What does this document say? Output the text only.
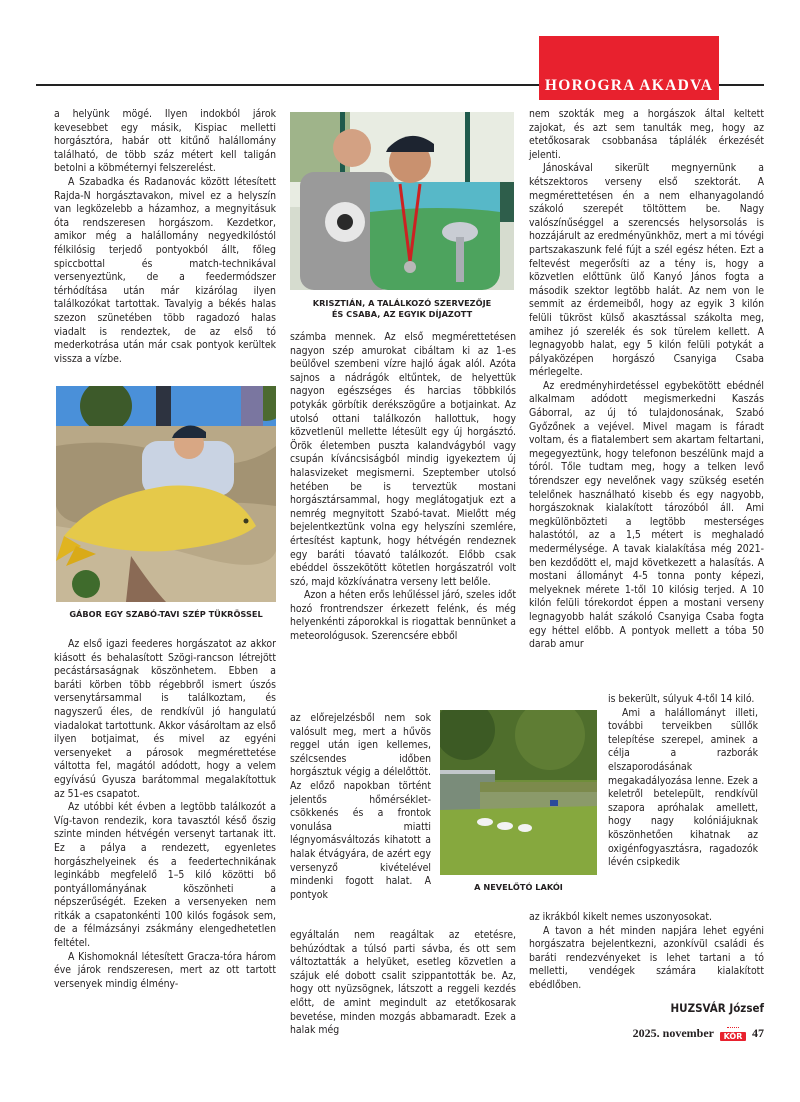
HOROGRA AKADVA

a helyünk mögé. Ilyen indokból járok kevesebbet egy másik, Kispiac melletti horgásztóra, habár ott kitűnő halállomány található, de több száz métert kell taligán betolni a köbméternyi felszerelést.

A Szabadka és Radanovác között létesített Rajda-N horgásztavakon, mivel ez a helyszín van legközelebb a házamhoz, a megnyitásuk óta rendszeresen horgászom. Kezdetkor, amikor még a halállomány negyedkilóstól félkilósig terjedő pontyokból állt, főleg spiccbottal és match-technikával versenyeztünk, de a feedermódszer térhódítása után már kizárólag ilyen találkozókat tartottak. Tavalyig a békés halas szezon szünetében több ragadozó halas viadalt is rendeztek, de az első tó mederkotrása után már csak pontyok kerültek vissza a vízbe.

GÁBOR EGY SZABÓ-TAVI SZÉP TÜKRÖSSEL

Az első igazi feederes horgászatot az akkor kiásott és behalasított Szögi-rancson létrejött pecástársaságnak köszönhetem. Ebben a baráti körben több régebbről ismert úszós versenytársammal is találkoztam, és nagyszerű éles, de rendkívül jó hangulatú viadalokat tartottunk. Akkor vásároltam az első ilyen botjaimat, és mivel az egyéni versenyeket a párosok megmérettetése váltotta fel, magától adódott, hogy a velem egyívású Gyusza barátommal megalakítottuk az 51-es csapatot.

Az utóbbi két évben a legtöbb találkozót a Víg-tavon rendezik, kora tavasztól késő őszig szinte minden hétvégén versenyt tartanak itt. Ez a pálya a rendezett, egyenletes horgászhelyeinek és a feedertechnikának leginkább megfelelő 1–5 kiló közötti bő pontyállományának köszönheti a népszerűségét. Ezeken a versenyeken nem ritkák a csapatonkénti 100 kilós fogások sem, de a félmázsányi zsákmány elengedhetetlen feltétel.

A Kishomoknál létesített Gracza-tóra három éve járok rendszeresen, mert az ott tartott versenyek mindig élmény-

KRISZTIÁN, A TALÁLKOZÓ SZERVEZŐJE
ÉS CSABA, AZ EGYIK DÍJAZOTT

számba mennek. Az első megmérettetésen nagyon szép amurokat cibáltam ki az 1-es beülővel szembeni vízre hajló ágak alól. Azóta sajnos a nádrágók eltűntek, de helyettük nagyon egészséges és harcias többkilós potykák görbítik derékszögűre a botjainkat. Az utolsó ottani találkozón hallottuk, hogy közvetlenül mellette létesült egy új horgásztó. Örök életemben puszta kalandvágyból vagy csupán kíváncsiságból mindig igyekeztem új halasvizeket megismerni. Szeptember utolsó hetében be is terveztük mostani horgásztársammal, hogy meglátogatjuk ezt a nemrég megnyitott Szabó-tavat. Mielőtt még bejelentkeztünk volna egy helyszíni szemlére, értesítést kaptunk, hogy hétvégén rendeznek egy baráti tóavató találkozót. Előbb csak ebéddel összekötött kötetlen horgászatról volt szó, majd közkívánatra verseny lett belőle.

Azon a héten erős lehűléssel járó, szeles időt hozó frontrendszer érkezett felénk, és még helyenkénti záporokkal is riogattak bennünket a meteorológusok. Szerencsére ebből

az előrejelzésből nem sok valósult meg, mert a hűvös reggel után igen kellemes, szélcsendes időben horgásztuk végig a délelőttöt. Az előző napokban történt jelentős hőmérséklet-csökkenés és a frontok vonulása miatti légnyomásváltozás kihatott a halak étvágyára, de azért egy versenyző kivételével mindenki fogott halat. A pontyok

egyáltalán nem reagáltak az etetésre, behúzódtak a túlsó parti sávba, és ott sem változtatták a helyüket, esetleg közvetlen a szájuk elé dobott csalit szippantották be. Az, hogy ott nyüzsögnek, látszott a reggeli kezdés előtt, de amint megindult az etetőkosarak bevetése, minden mozgás abbamaradt. Ezek a halak még

A NEVELŐTÓ LAKÓI

nem szokták meg a horgászok által keltett zajokat, és azt sem tanulták meg, hogy az etetőkosarak csobbanása táplálék érkezését jelenti.

Jánoskával sikerült megnyernünk a kétszektoros verseny első szektorát. A megmérettetésen én a nem elhanyagolandó szákoló szerepét töltöttem be. Nagy valószínűséggel a szerencsés helysorsolás is hozzájárult az eredményünkhöz, mert a mi tóvégi partszakaszunk felé fújt a szél egész héten. Ezt a feltevést megerősíti az a tény is, hogy a közvetlen előttünk ülő Kanyó János fogta a második szektor legtöbb halát. Az nem von le semmit az érdemeiből, hogy az egyik 3 kilón felüli tükröst külső akasztással szákolta meg, amihez jó szerelék és sok türelem kellett. A legnagyobb halat, egy 5 kilón felüli potykát a pályaközépen horgászó Csanyiga Csaba mérlegelte.

Az eredményhirdetéssel egybekötött ebédnél alkalmam adódott megismerkedni Kaszás Gáborral, az új tó tulajdonosának, Szabó Győzőnek a vejével. Mivel magam is fáradt voltam, és a fiatalembert sem akartam feltartani, megegyeztünk, hogy telefonon beszélünk majd a tóról. Tőle tudtam meg, hogy a telken levő tórendszer egy nevelőnek vagy szükség esetén telelőnek használható kisebb és egy nagyobb, horgászoknak kialakított tározóból áll. Ami megkülönbözteti a legtöbb mesterséges halastótól, az a 1,5 métert is meghaladó medermélysége. A tavak kialakítása még 2021-ben kezdődött el, majd következett a halasítás. A mostani állományt 4-5 tonna ponty képezi, melyeknek mérete 1-től 10 kilósig terjed. A 10 kilón felüli tórekordot éppen a mostani verseny legnagyobb halát szákoló Csanyiga Csaba fogta egy héttel előbb. A pontyok mellett a tóba 50 darab amur

is bekerült, súlyuk 4-től 14 kiló.

Ami a halállományt illeti, további terveikben süllők telepítése szerepel, aminek a célja a razborák elszaporodásának megakadályozása lenne. Ezek a keletről betelepült, rendkívül szapora apróhalak amellett, hogy nagy kolóniájuknak köszönhetően kihatnak az oxigénfogyasztásra, ragadozók lévén csipkedik

az ikrákból kikelt nemes uszonyosokat.

A tavon a hét minden napjára lehet egyéni horgászatra bejelentkezni, azonkívül családi és baráti rendezvényeket is lehet tartani a tó melletti, vendégek számára kialakított ebédlőben.

HUZSVÁR József
2025. november	KÖR 47
